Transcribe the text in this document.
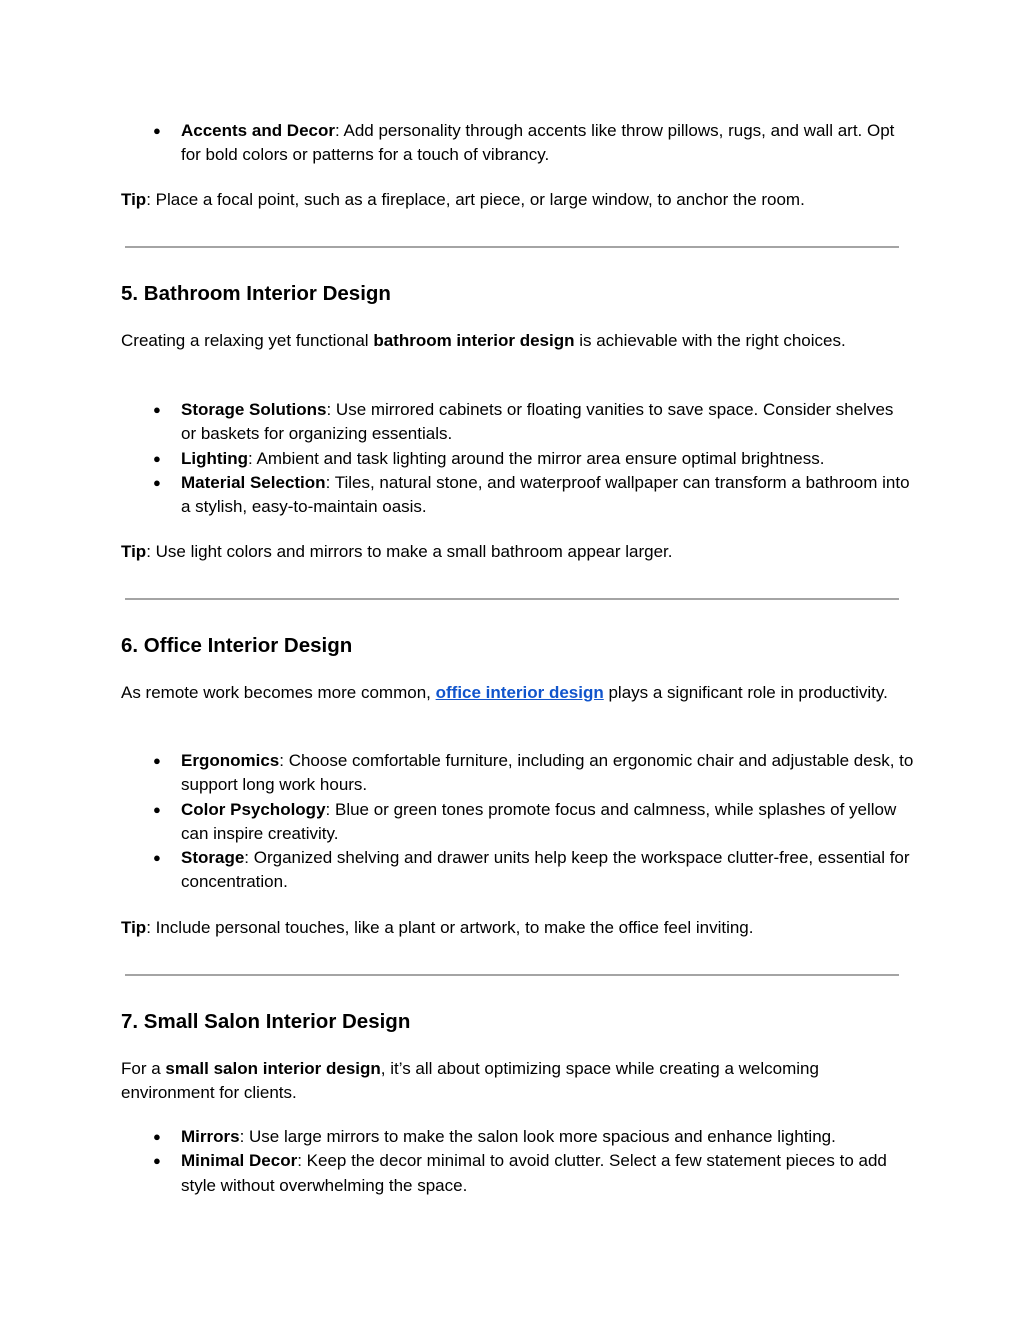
● Accents and Decor: Add personality through accents like throw pillows, rugs, and wall art. Opt for bold colors or patterns for a touch of vibrancy.

Tip: Place a focal point, such as a fireplace, art piece, or large window, to anchor the room.

5. Bathroom Interior Design

Creating a relaxing yet functional bathroom interior design is achievable with the right choices.

● Storage Solutions: Use mirrored cabinets or floating vanities to save space. Consider shelves or baskets for organizing essentials.
● Lighting: Ambient and task lighting around the mirror area ensure optimal brightness.
● Material Selection: Tiles, natural stone, and waterproof wallpaper can transform a bathroom into a stylish, easy-to-maintain oasis.

Tip: Use light colors and mirrors to make a small bathroom appear larger.

6. Office Interior Design

As remote work becomes more common, office interior design plays a significant role in productivity.

● Ergonomics: Choose comfortable furniture, including an ergonomic chair and adjustable desk, to support long work hours.
● Color Psychology: Blue or green tones promote focus and calmness, while splashes of yellow can inspire creativity.
● Storage: Organized shelving and drawer units help keep the workspace clutter-free, essential for concentration.

Tip: Include personal touches, like a plant or artwork, to make the office feel inviting.

7. Small Salon Interior Design

For a small salon interior design, it’s all about optimizing space while creating a welcoming environment for clients.

● Mirrors: Use large mirrors to make the salon look more spacious and enhance lighting.
● Minimal Decor: Keep the decor minimal to avoid clutter. Select a few statement pieces to add style without overwhelming the space.
